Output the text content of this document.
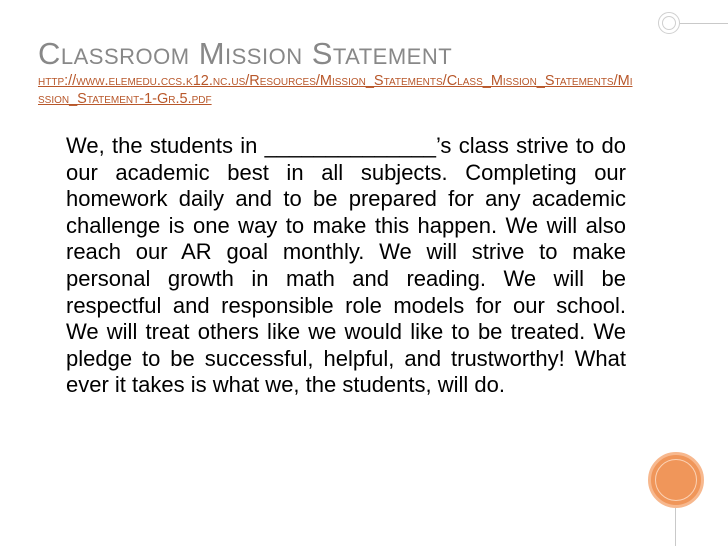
Classroom Mission Statement
http://www.elemedu.ccs.k12.nc.us/Resources/Mission_Statements/Class_Mission_Statements/Mission_Statement-1-Gr.5.pdf

We, the students in ______________’s class strive to do our academic best in all subjects. Completing our homework daily and to be prepared for any academic challenge is one way to make this happen. We will also reach our AR goal monthly. We will strive to make personal growth in math and reading. We will be respectful and responsible role models for our school. We will treat others like we would like to be treated. We pledge to be successful, helpful, and trustworthy! What ever it takes is what we, the students, will do.
